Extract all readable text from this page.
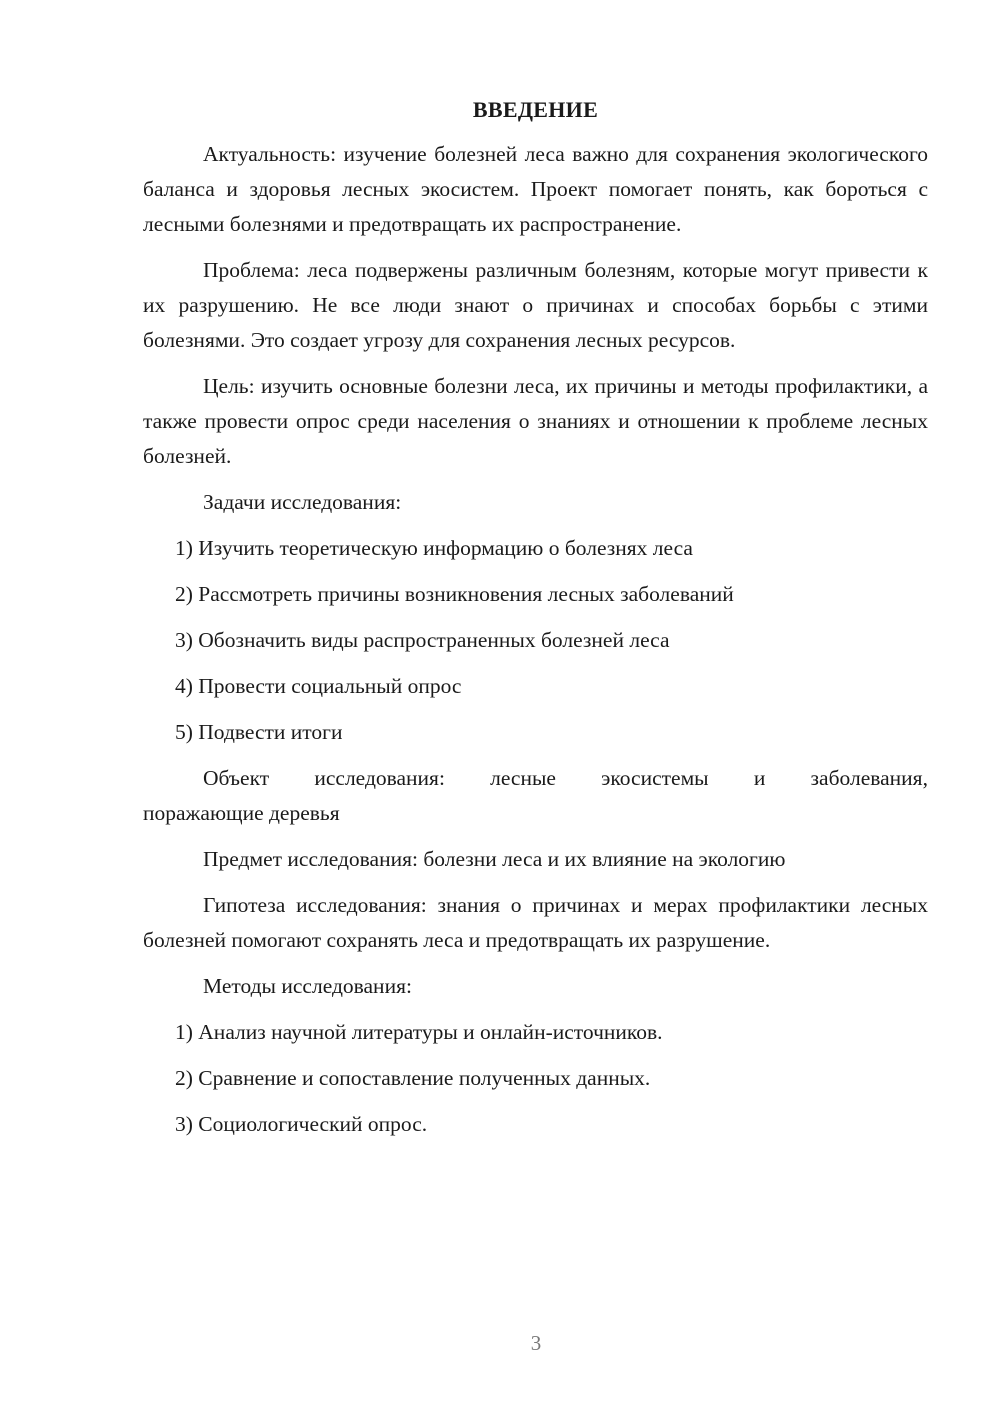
ВВЕДЕНИЕ

Актуальность: изучение болезней леса важно для сохранения экологического баланса и здоровья лесных экосистем. Проект помогает понять, как бороться с лесными болезнями и предотвращать их распространение.

Проблема: леса подвержены различным болезням, которые могут привести к их разрушению. Не все люди знают о причинах и способах борьбы с этими болезнями. Это создает угрозу для сохранения лесных ресурсов.

Цель: изучить основные болезни леса, их причины и методы профилактики, а также провести опрос среди населения о знаниях и отношении к проблеме лесных болезней.

Задачи исследования:

1) Изучить теоретическую информацию о болезнях леса

2) Рассмотреть причины возникновения лесных заболеваний

3) Обозначить виды распространенных болезней леса

4) Провести социальный опрос

5) Подвести итоги

Объект исследования: лесные экосистемы и заболевания,
поражающие деревья

Предмет исследования: болезни леса и их влияние на экологию

Гипотеза исследования: знания о причинах и мерах профилактики лесных болезней помогают сохранять леса и предотвращать их разрушение.

Методы исследования:

1) Анализ научной литературы и онлайн-источников.

2) Сравнение и сопоставление полученных данных.

3) Социологический опрос.

3
